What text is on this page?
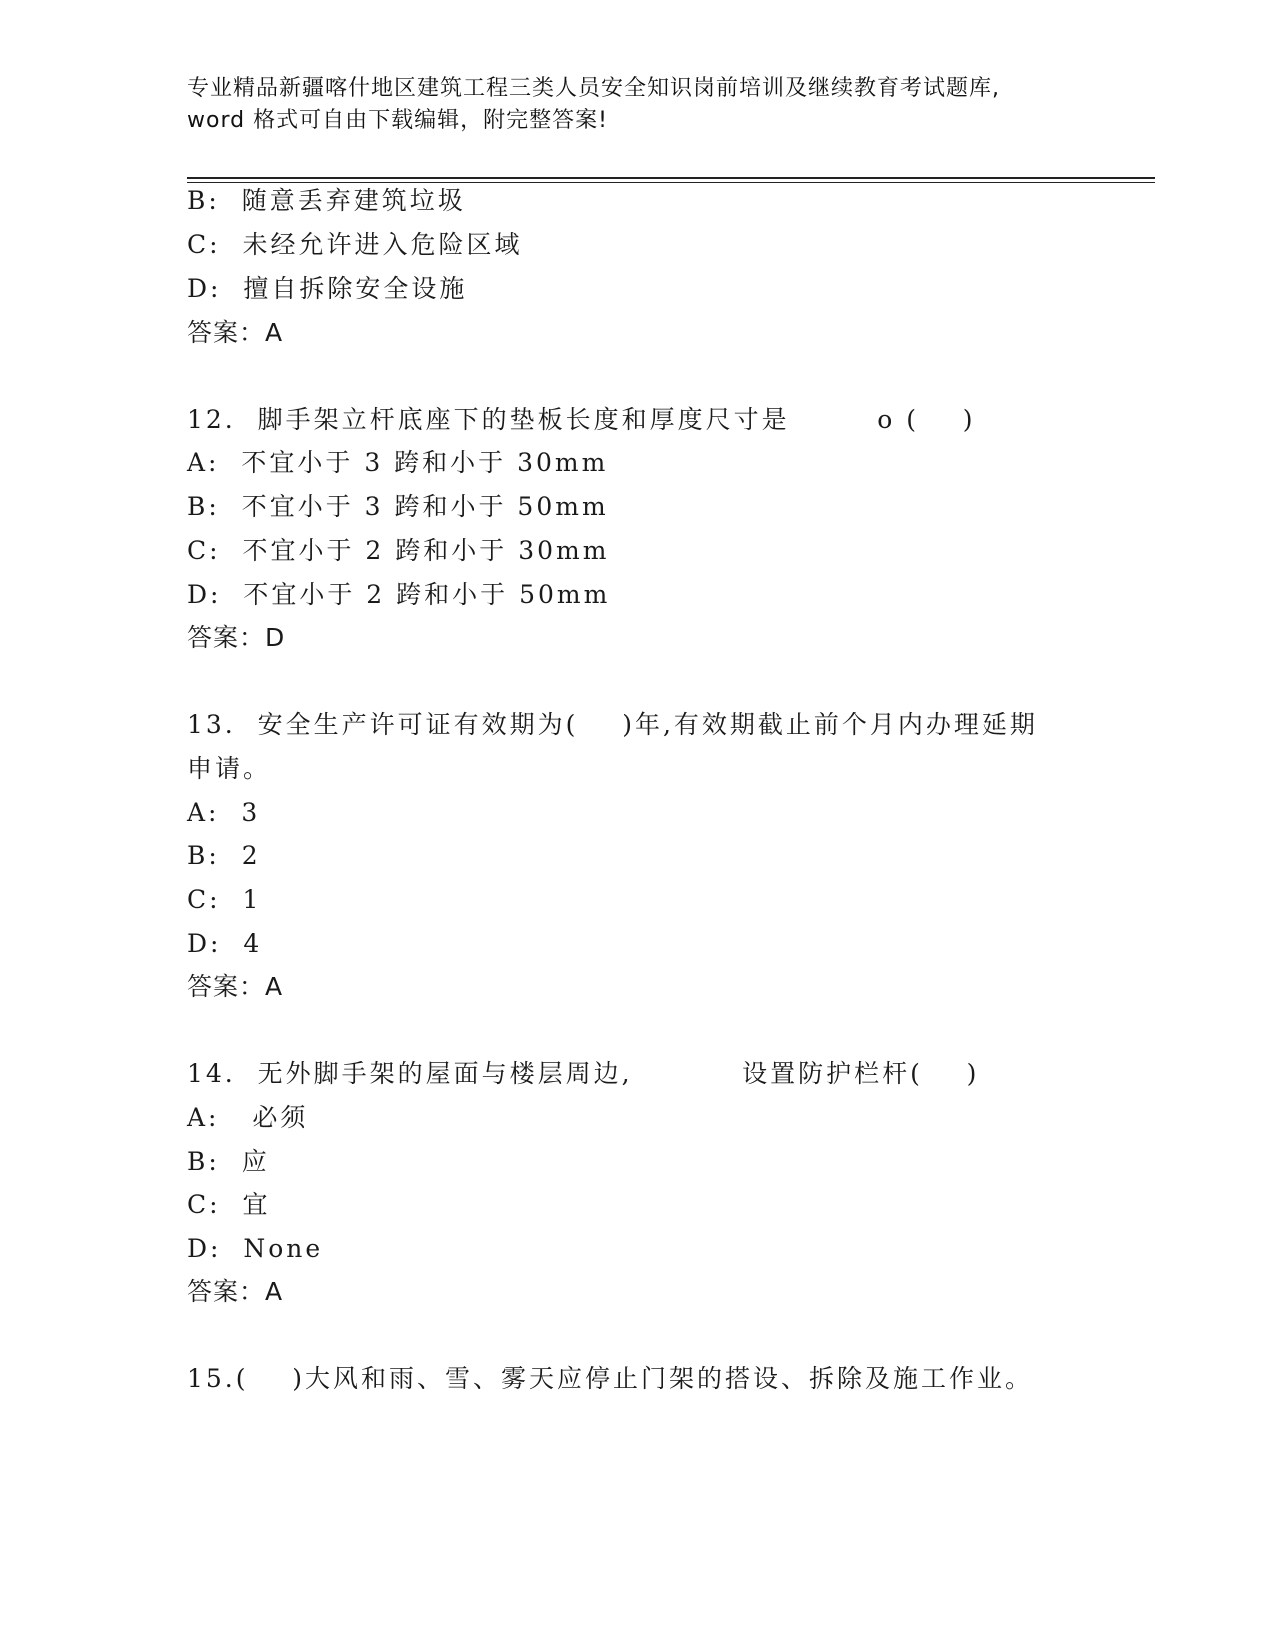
专业精品新疆喀什地区建筑工程三类人员安全知识岗前培训及继续教育考试题库,
word 格式可自由下载编辑，附完整答案!
B:  随意丢弃建筑垃圾
C:  未经允许进入危险区域
D:  擅自拆除安全设施
答案：A
12.  脚手架立杆底座下的垫板长度和厚度尺寸是        o (    )
A:  不宜小于 3 跨和小于 30mm
B:  不宜小于 3 跨和小于 50mm
C:  不宜小于 2 跨和小于 30mm
D:  不宜小于 2 跨和小于 50mm
答案：D
13.  安全生产许可证有效期为(    )年,有效期截止前个月内办理延期
申请。
A:  3
B:  2
C:  1
D:  4
答案：A
14.  无外脚手架的屋面与楼层周边,          设置防护栏杆(    )
A:   必须
B:  应
C:  宜
D:  None
答案：A
15.(    )大风和雨、雪、雾天应停止门架的搭设、拆除及施工作业。
